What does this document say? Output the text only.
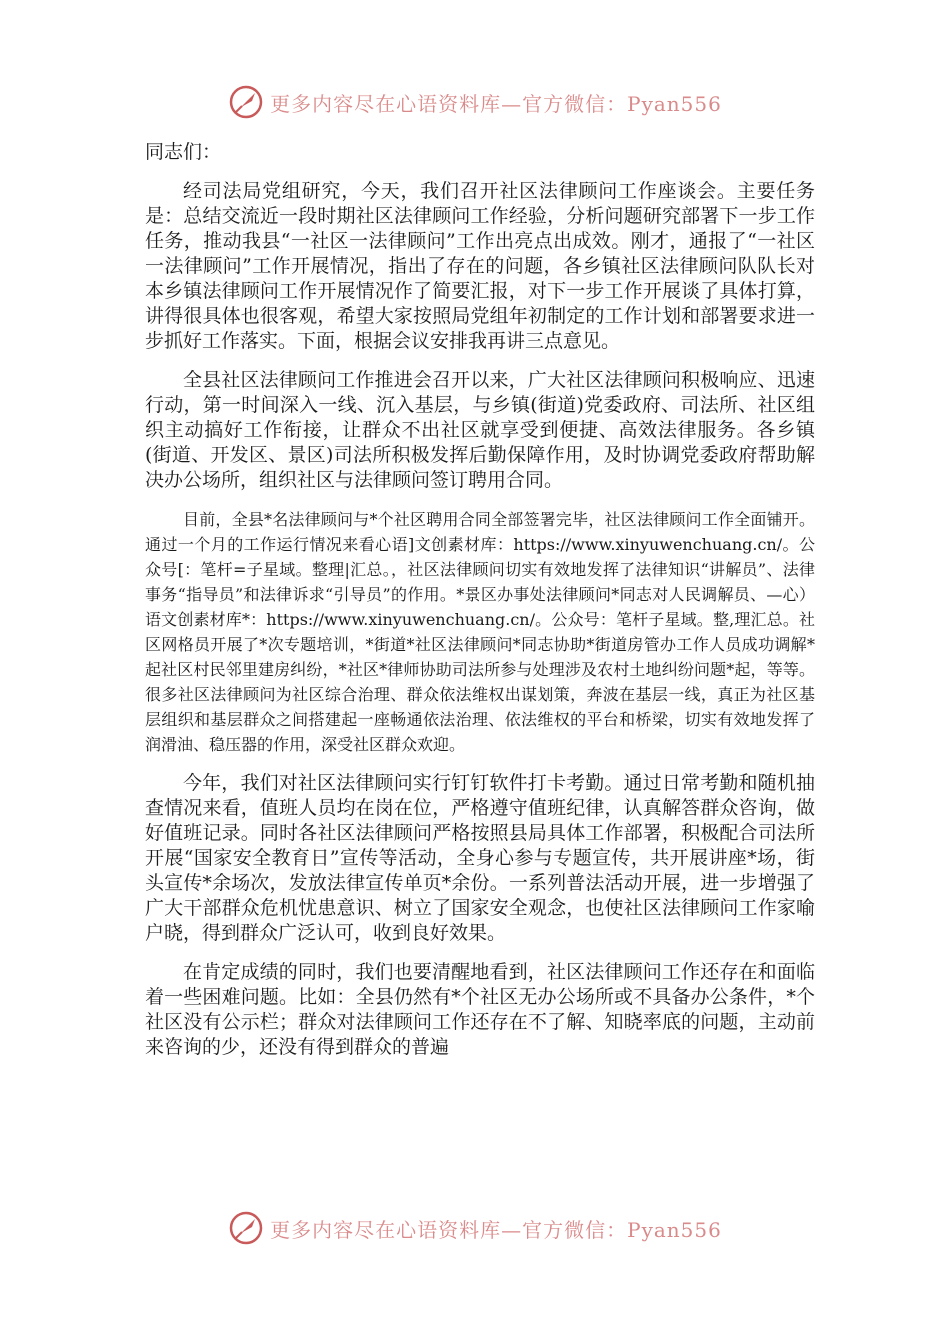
更多内容尽在心语资料库—官方微信：Pyan556

同志们：

经司法局党组研究，今天，我们召开社区法律顾问工作座谈会。主要任务是：总结交流近一段时期社区法律顾问工作经验，分析问题研究部署下一步工作任务，推动我县“一社区一法律顾问”工作出亮点出成效。刚才，通报了“一社区一法律顾问”工作开展情况，指出了存在的问题，各乡镇社区法律顾问队队长对本乡镇法律顾问工作开展情况作了简要汇报，对下一步工作开展谈了具体打算，讲得很具体也很客观，希望大家按照局党组年初制定的工作计划和部署要求进一步抓好工作落实。下面，根据会议安排我再讲三点意见。

全县社区法律顾问工作推进会召开以来，广大社区法律顾问积极响应、迅速行动，第一时间深入一线、沉入基层，与乡镇(街道)党委政府、司法所、社区组织主动搞好工作衔接，让群众不出社区就享受到便捷、高效法律服务。各乡镇(街道、开发区、景区)司法所积极发挥后勤保障作用，及时协调党委政府帮助解决办公场所，组织社区与法律顾问签订聘用合同。

目前，全县*名法律顾问与*个社区聘用合同全部签署完毕，社区法律顾问工作全面铺开。通过一个月的工作运行情况来看心语]文创素材库：https://www.xinyuwenchuang.cn/。公众号[：笔杆=子星域。整理|汇总。，社区法律顾问切实有效地发挥了法律知识“讲解员”、法律事务“指导员”和法律诉求“引导员”的作用。*景区办事处法律顾问*同志对人民调解员、—心）语文创素材库*：https://www.xinyuwenchuang.cn/。公众号：笔杆子星域。整,理汇总。社区网格员开展了*次专题培训，*街道*社区法律顾问*同志协助*街道房管办工作人员成功调解*起社区村民邻里建房纠纷，*社区*律师协助司法所参与处理涉及农村土地纠纷问题*起，等等。很多社区法律顾问为社区综合治理、群众依法维权出谋划策，奔波在基层一线，真正为社区基层组织和基层群众之间搭建起一座畅通依法治理、依法维权的平台和桥梁，切实有效地发挥了润滑油、稳压器的作用，深受社区群众欢迎。

今年，我们对社区法律顾问实行钉钉软件打卡考勤。通过日常考勤和随机抽查情况来看，值班人员均在岗在位，严格遵守值班纪律，认真解答群众咨询，做好值班记录。同时各社区法律顾问严格按照县局具体工作部署，积极配合司法所开展“国家安全教育日”宣传等活动，全身心参与专题宣传，共开展讲座*场，街头宣传*余场次，发放法律宣传单页*余份。一系列普法活动开展，进一步增强了广大干部群众危机忧患意识、树立了国家安全观念，也使社区法律顾问工作家喻户晓，得到群众广泛认可，收到良好效果。

在肯定成绩的同时，我们也要清醒地看到，社区法律顾问工作还存在和面临着一些困难问题。比如：全县仍然有*个社区无办公场所或不具备办公条件，*个社区没有公示栏；群众对法律顾问工作还存在不了解、知晓率底的问题，主动前来咨询的少，还没有得到群众的普遍

更多内容尽在心语资料库—官方微信：Pyan556
